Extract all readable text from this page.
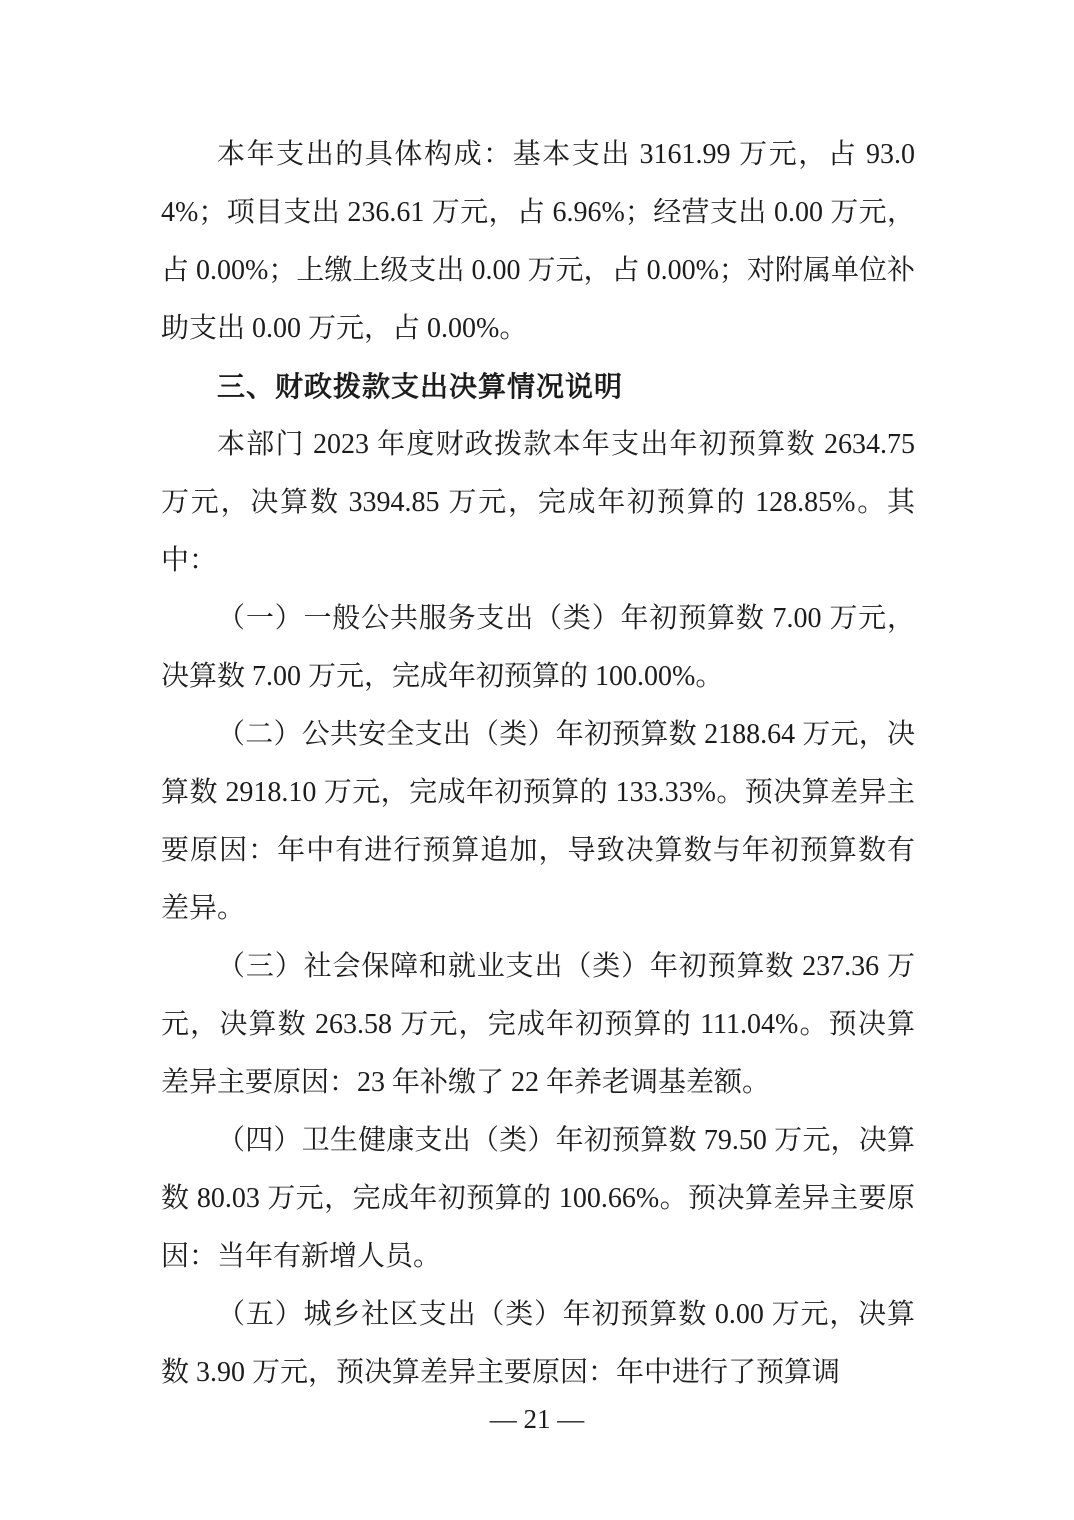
本年支出的具体构成：基本支出 3161.99 万元，占 93.04%；项目支出 236.61 万元，占 6.96%；经营支出 0.00 万元，占 0.00%；上缴上级支出 0.00 万元，占 0.00%；对附属单位补助支出 0.00 万元，占 0.00%。

三、财政拨款支出决算情况说明

本部门 2023 年度财政拨款本年支出年初预算数 2634.75 万元，决算数 3394.85 万元，完成年初预算的 128.85%。其中：

（一）一般公共服务支出（类）年初预算数 7.00 万元，决算数 7.00 万元，完成年初预算的 100.00%。

（二）公共安全支出（类）年初预算数 2188.64 万元，决算数 2918.10 万元，完成年初预算的 133.33%。预决算差异主要原因：年中有进行预算追加，导致决算数与年初预算数有差异。

（三）社会保障和就业支出（类）年初预算数 237.36 万元，决算数 263.58 万元，完成年初预算的 111.04%。预决算差异主要原因：23 年补缴了 22 年养老调基差额。

（四）卫生健康支出（类）年初预算数 79.50 万元，决算数 80.03 万元，完成年初预算的 100.66%。预决算差异主要原因：当年有新增人员。

（五）城乡社区支出（类）年初预算数 0.00 万元，决算数 3.90 万元，预决算差异主要原因：年中进行了预算调

— 21 —
